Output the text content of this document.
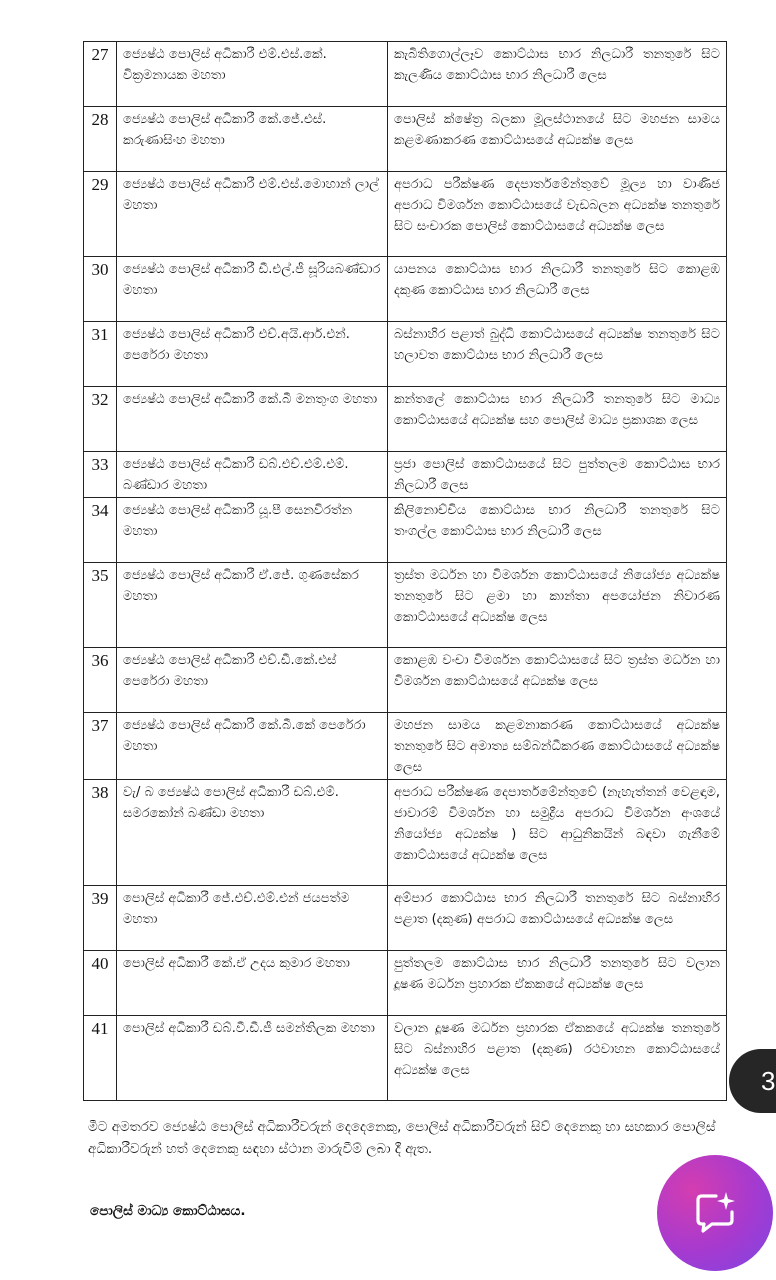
27	ජ්‍යෙෂ්ඨ පොලිස් අධිකාරී එම්.එස්.කේ. වික්‍රමනායක මහතා	කැබිතිගොල්ලෑව කොට්ඨාස භාර නිලධාරී තනතුරේ සිට කැලණිය කොට්ඨාස භාර නිලධාරී ලෙස
28	ජ්‍යෙෂ්ඨ පොලිස් අධිකාරී කේ.ජේ.එස්. කරුණාසිංහ මහතා	පොලිස් ක්ෂේත්‍ර බලකා මූලස්ථානයේ සිට මහජන සාමය කළමණාකරණ කොට්ඨාසයේ අධ්‍යක්ෂ ලෙස
29	ජ්‍යෙෂ්ඨ පොලිස් අධිකාරී එම්.එස්.මොහාන් ලාල් මහතා	අපරාධ පරීක්ෂණ දෙපාර්තමේන්තුවේ මූල්‍ය හා වාණිජ අපරාධ විමර්ශන කොට්ඨාසයේ වැඩබලන අධ්‍යක්ෂ තනතුරේ සිට සංචාරක පොලිස් කොට්ඨාසයේ අධ්‍යක්ෂ ලෙස
30	ජ්‍යෙෂ්ඨ පොලිස් අධිකාරී ඩී.එල්.ජී සූරියබණ්ඩාර මහතා	යාපනය කොට්ඨාස භාර නිලධාරී තනතුරේ සිට කොළඹ දකුණ කොට්ඨාස භාර නිලධාරී ලෙස
31	ජ්‍යෙෂ්ඨ පොලිස් අධිකාරී එච්.අයි.ආර්.එන්. පෙරේරා මහතා	බස්නාහිර පළාත් බුද්ධි කොට්ඨාසයේ අධ්‍යක්ෂ තනතුරේ සිට හලාවත කොට්ඨාස භාර නිලධාරී ලෙස
32	ජ්‍යෙෂ්ඨ පොලිස් අධිකාරී කේ.බී මනතුංග මහතා	කන්තලේ කොට්ඨාස භාර නිලධාරී තනතුරේ සිට මාධ්‍ය කොට්ඨාසයේ අධ්‍යක්ෂ සහ පොලිස් මාධ්‍ය ප්‍රකාශක ලෙස
33	ජ්‍යෙෂ්ඨ පොලිස් අධිකාරී ඩබ්.එච්.එම්.එම්. බණ්ඩාර මහතා	ප්‍රජා පොලිස් කොට්ඨාසයේ සිට පුත්තලම කොට්ඨාස භාර නිලධාරී ලෙස
34	ජ්‍යෙෂ්ඨ පොලිස් අධිකාරී යූ.පී සෙනවිරත්න මහතා	කිලිනොච්චිය කොට්ඨාස භාර නිලධාරී තනතුරේ සිට තංගල්ල කොට්ඨාස භාර නිලධාරී ලෙස
35	ජ්‍යෙෂ්ඨ පොලිස් අධිකාරී ඒ.ජේ. ගුණසේකර මහතා	ත්‍රස්ත මර්ධන හා විමර්ශන කොට්ඨාසයේ නියෝජ්‍ය අධ්‍යක්ෂ තනතුරේ සිට ළමා හා කාන්තා අපයෝජන නිවාරණ කොට්ඨාසයේ අධ්‍යක්ෂ ලෙස
36	ජ්‍යෙෂ්ඨ පොලිස් අධිකාරී එච්.ඩී.කේ.එස් පෙරේරා මහතා	කොළඹ වංචා විමර්ශන කොට්ඨාසයේ සිට ත්‍රස්ත මර්ධන හා විමර්ශන කොට්ඨාසයේ අධ්‍යක්ෂ ලෙස
37	ජ්‍යෙෂ්ඨ පොලිස් අධිකාරී කේ.බී.කේ පෙරේරා මහතා	මහජන සාමය කළමනාකරණ කොට්ඨාසයේ අධ්‍යක්ෂ තනතුරේ සිට අමාත්‍ය සම්බන්ධීකරණ කොට්ඨාසයේ අධ්‍යක්ෂ ලෙස
38	වැ/ බ ජ්‍යෙෂ්ඨ පොලිස් අධිකාරී ඩබ්.එම්. සමරකෝන් බණ්ඩා මහතා	අපරාධ පරීක්ෂණ දෙපාර්තමේන්තුවේ (නැහැත්තන් වෙළඳාම, ජාවාරම් විමර්ශන හා සමුද්‍රීය අපරාධ විමර්ශන අංශයේ නියෝජ්‍ය අධ්‍යක්ෂ ) සිට ආධුනිකයින් බඳවා ගැනීමේ කොට්ඨාසයේ අධ්‍යක්ෂ ලෙස
39	පොලිස් අධිකාරී ජේ.එච්.එම්.එන් ජයපත්ම මහතා	අම්පාර කොට්ඨාස භාර නිලධාරී තනතුරේ සිට බස්නාහිර පළාත (දකුණ) අපරාධ කොට්ඨාසයේ අධ්‍යක්ෂ ලෙස
40	පොලිස් අධිකාරී කේ.ඒ උදය කුමාර මහතා	පුත්තලම කොට්ඨාස භාර නිලධාරී තනතුරේ සිට වලාන දූෂණ මර්ධන ප්‍රහාරක ඒකකයේ අධ්‍යක්ෂ ලෙස
41	පොලිස් අධිකාරී ඩබ්.වී.ඩී.ජී සමන්තිලක මහතා	වලාන දූෂණ මර්ධන ප්‍රහාරක ඒකකයේ අධ්‍යක්ෂ තනතුරේ සිට බස්නාහිර පළාත (දකුණ) රථවාහන කොට්ඨාසයේ අධ්‍යක්ෂ ලෙස

මීට අමතරව ජ්‍යෙෂ්ඨ පොලිස් අධිකාරීවරුන් දෙදෙනෙකු, පොලිස් අධිකාරීවරුන් සිව් දෙනෙකු හා සහකාර පොලිස් අධිකාරීවරුන් හත් දෙනෙකු සඳහා ස්ථාන මාරුවීම් ලබා දී ඇත.

පොලිස් මාධ්‍ය කොට්ඨාසය.
3
